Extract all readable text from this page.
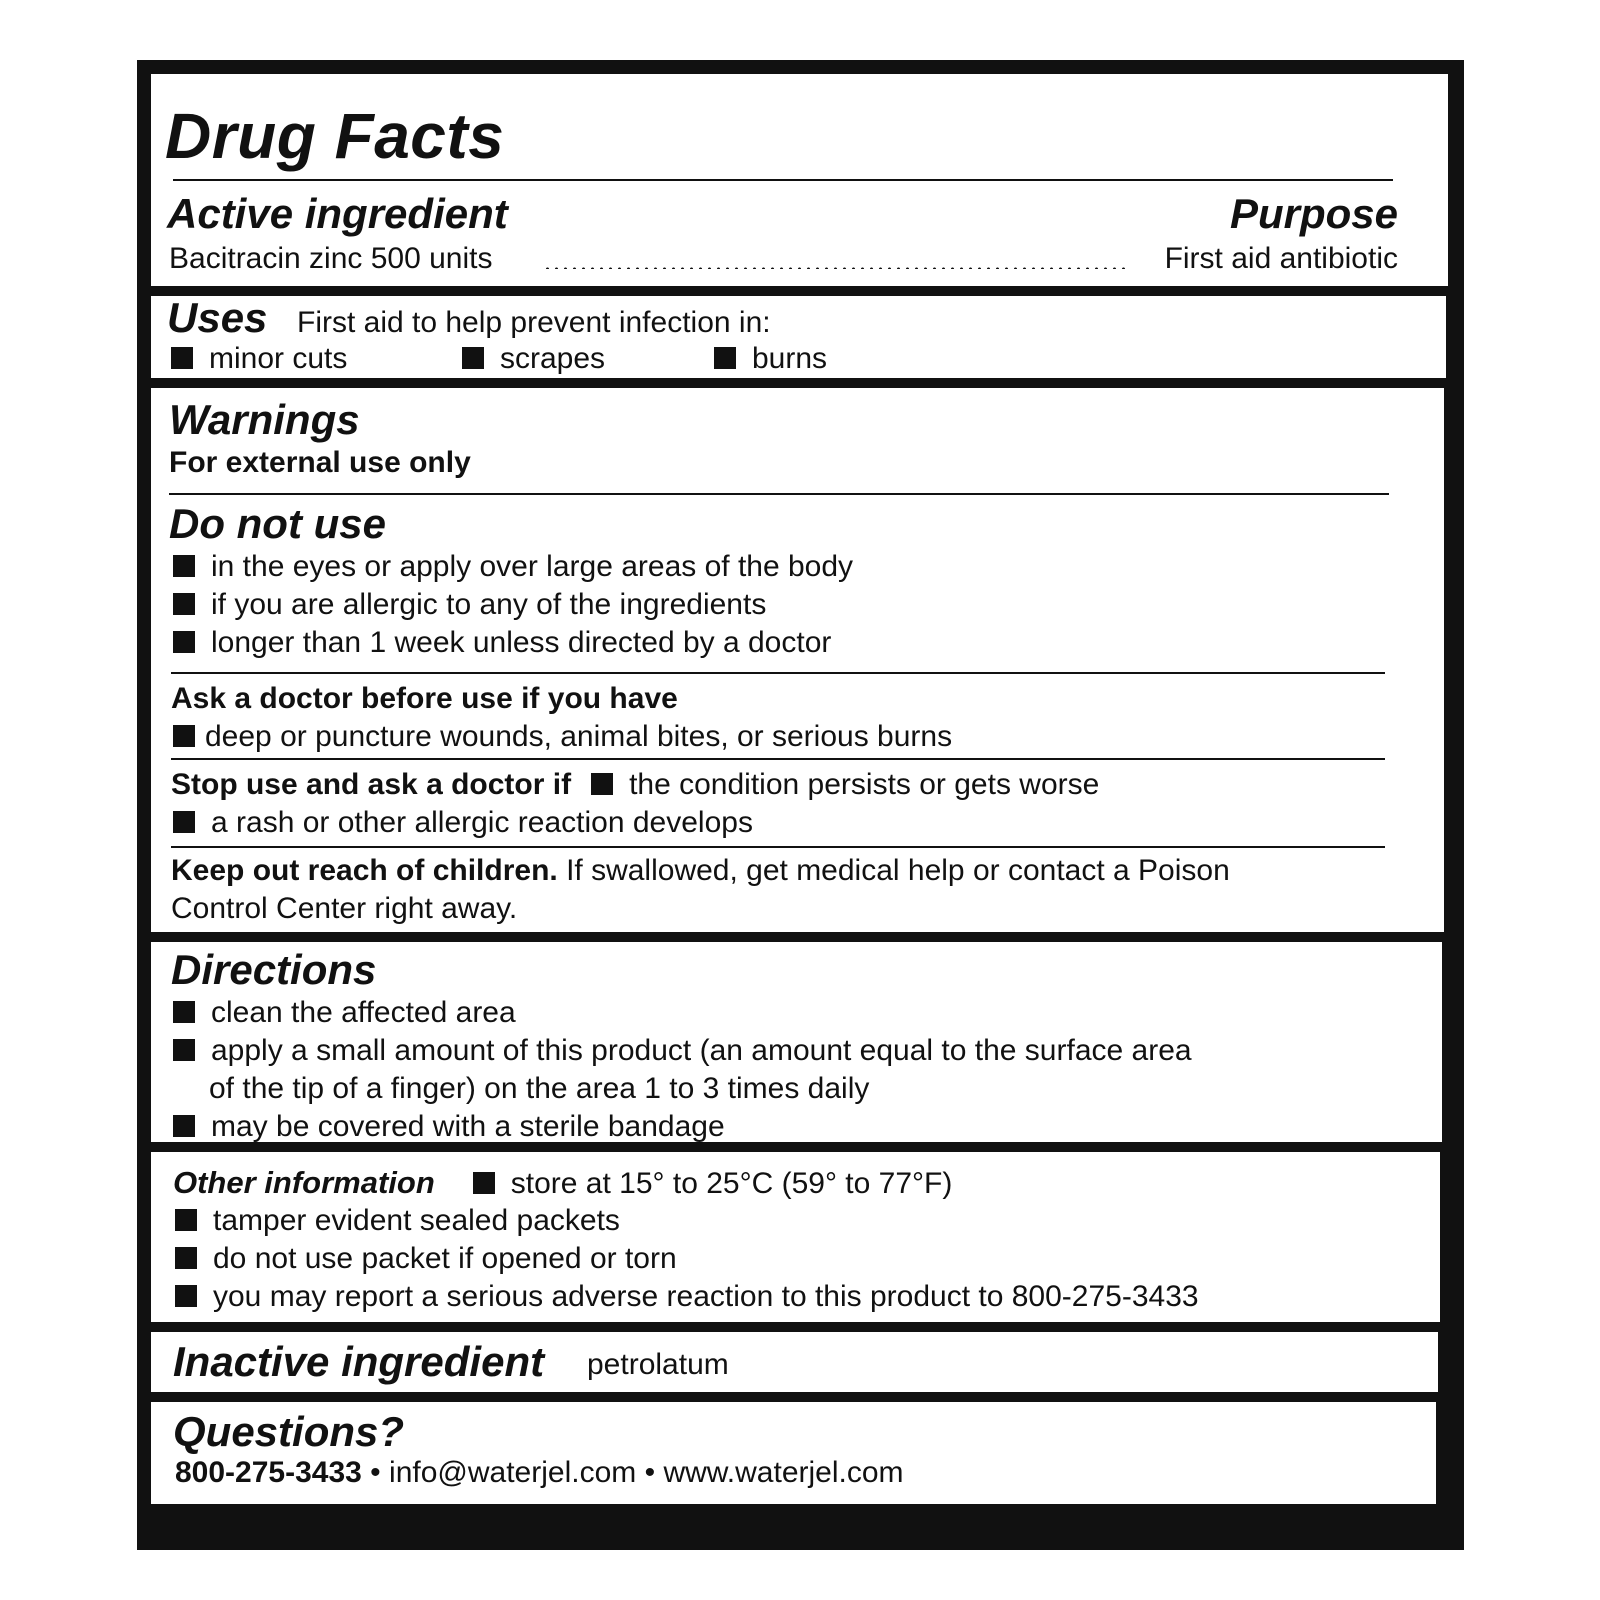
Drug Facts
Active ingredient	Purpose
Bacitracin zinc 500 units	First aid antibiotic
Uses First aid to help prevent infection in:
minor cuts	scrapes	burns
Warnings
For external use only
Do not use
in the eyes or apply over large areas of the body
if you are allergic to any of the ingredients
longer than 1 week unless directed by a doctor
Ask a doctor before use if you have
deep or puncture wounds, animal bites, or serious burns
Stop use and ask a doctor if the condition persists or gets worse
a rash or other allergic reaction develops
Keep out reach of children. If swallowed, get medical help or contact a Poison
Control Center right away.
Directions
clean the affected area
apply a small amount of this product (an amount equal to the surface area
of the tip of a finger) on the area 1 to 3 times daily
may be covered with a sterile bandage
Other information	store at 15° to 25°C (59° to 77°F)
tamper evident sealed packets
do not use packet if opened or torn
you may report a serious adverse reaction to this product to 800-275-3433
Inactive ingredient petrolatum
Questions?
800-275-3433 • info@waterjel.com • www.waterjel.com
